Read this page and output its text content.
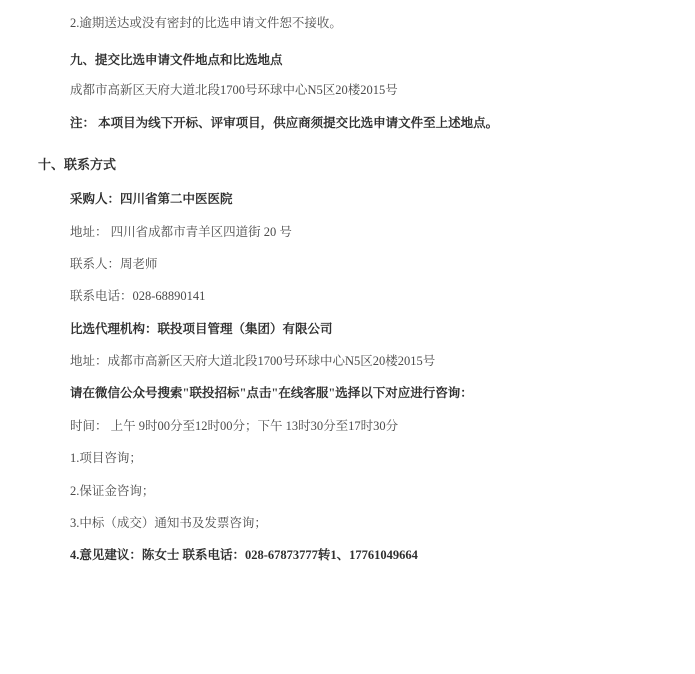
2.逾期送达或没有密封的比选申请文件恕不接收。
九、提交比选申请文件地点和比选地点
成都市高新区天府大道北段1700号环球中心N5区20楼2015号
注： 本项目为线下开标、评审项目，供应商须提交比选申请文件至上述地点。
十、联系方式
采购人：四川省第二中医医院
地址： 四川省成都市青羊区四道街 20 号
联系人：周老师
联系电话：028-68890141
比选代理机构：联投项目管理（集团）有限公司
地址：成都市高新区天府大道北段1700号环球中心N5区20楼2015号
请在微信公众号搜索"联投招标"点击"在线客服"选择以下对应进行咨询：
时间： 上午 9时00分至12时00分；下午 13时30分至17时30分
1.项目咨询；
2.保证金咨询；
3.中标（成交）通知书及发票咨询；
4.意见建议：陈女士 联系电话：028-67873777转1、17761049664
